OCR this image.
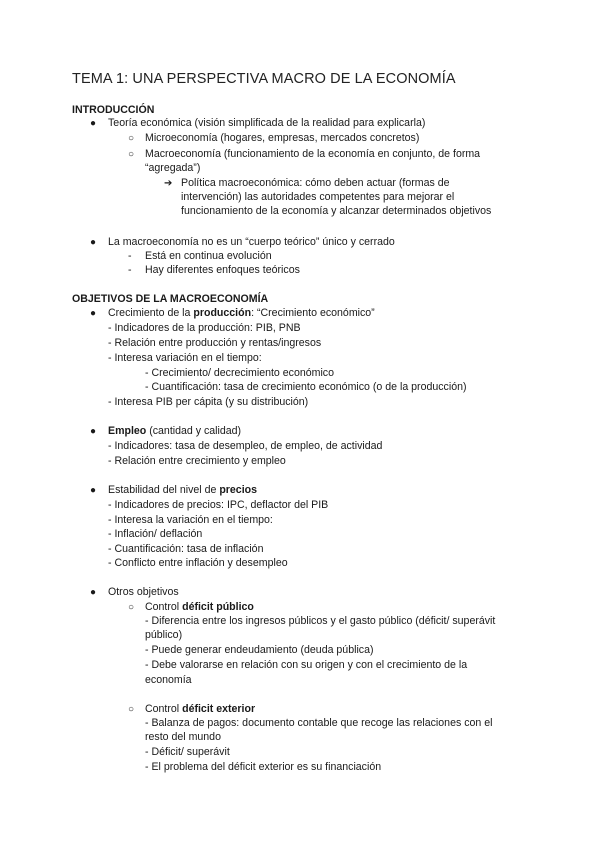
TEMA 1: UNA PERSPECTIVA MACRO DE LA ECONOMÍA
INTRODUCCIÓN
● Teoría económica (visión simplificada de la realidad para explicarla)
○ Microeconomía (hogares, empresas, mercados concretos)
○ Macroeconomía (funcionamiento de la economía en conjunto, de forma
“agregada”)
➔ Política macroeconómica: cómo deben actuar (formas de
intervención) las autoridades competentes para mejorar el
funcionamiento de la economía y alcanzar determinados objetivos
● La macroeconomía no es un “cuerpo teórico” único y cerrado
- Está en continua evolución
- Hay diferentes enfoques teóricos
OBJETIVOS DE LA MACROECONOMÍA
● Crecimiento de la producción: “Crecimiento económico”
- Indicadores de la producción: PIB, PNB
- Relación entre producción y rentas/ingresos
- Interesa variación en el tiempo:
- Crecimiento/ decrecimiento económico
- Cuantificación: tasa de crecimiento económico (o de la producción)
- Interesa PIB per cápita (y su distribución)
● Empleo (cantidad y calidad)
- Indicadores: tasa de desempleo, de empleo, de actividad
- Relación entre crecimiento y empleo
● Estabilidad del nivel de precios
- Indicadores de precios: IPC, deflactor del PIB
- Interesa la variación en el tiempo:
- Inflación/ deflación
- Cuantificación: tasa de inflación
- Conflicto entre inflación y desempleo
● Otros objetivos
○ Control déficit público
- Diferencia entre los ingresos públicos y el gasto público (déficit/ superávit
público)
- Puede generar endeudamiento (deuda pública)
- Debe valorarse en relación con su origen y con el crecimiento de la
economía
○ Control déficit exterior
- Balanza de pagos: documento contable que recoge las relaciones con el
resto del mundo
- Déficit/ superávit
- El problema del déficit exterior es su financiación
